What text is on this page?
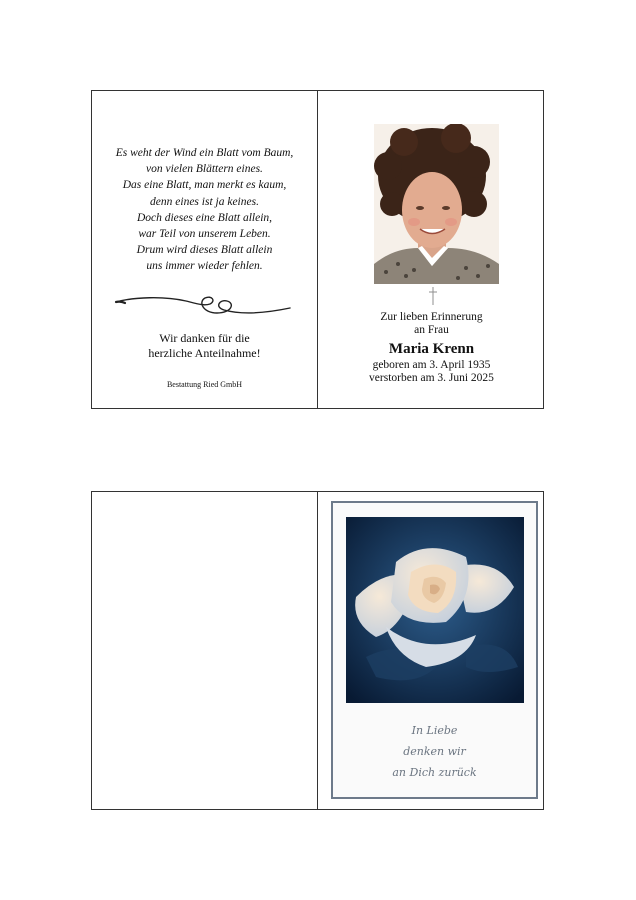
Es weht der Wind ein Blatt vom Baum,
von vielen Blättern eines.
Das eine Blatt, man merkt es kaum,
denn eines ist ja keines.
Doch dieses eine Blatt allein,
war Teil von unserem Leben.
Drum wird dieses Blatt allein
uns immer wieder fehlen.
Wir danken für die
herzliche Anteilnahme!
Bestattung Ried GmbH
Zur lieben Erinnerung
an Frau
Maria Krenn
geboren am 3. April 1935
verstorben am 3. Juni 2025
In Liebe
denken wir
an Dich zurück
